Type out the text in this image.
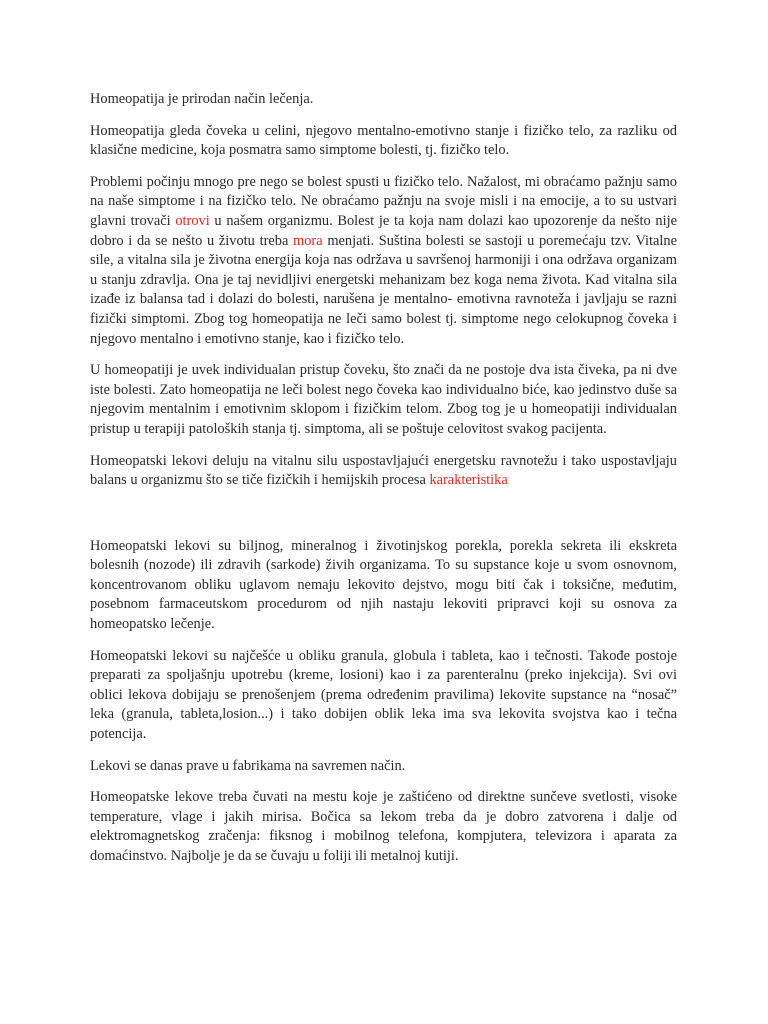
Homeopatija je prirodan način lečenja.

Homeopatija gleda čoveka u celini, njegovo mentalno-emotivno stanje i fizičko telo, za razliku od klasične medicine, koja posmatra samo simptome bolesti, tj. fizičko telo.

Problemi počinju mnogo pre nego se bolest spusti u fizičko telo. Nažalost, mi obraćamo pažnju samo na naše simptome i na fizičko telo. Ne obraćamo pažnju na svoje misli i na emocije, a to su ustvari glavni trovači otrovi u našem organizmu. Bolest je ta koja nam dolazi kao upozorenje da nešto nije dobro i da se nešto u životu treba mora menjati. Suština bolesti se sastoji u poremećaju tzv. Vitalne sile, a vitalna sila je životna energija koja nas održava u savršenoj harmoniji i ona održava organizam u stanju zdravlja. Ona je taj nevidljivi energetski mehanizam bez koga nema života. Kad vitalna sila izađe iz balansa tad i dolazi do bolesti, narušena je mentalno- emotivna ravnoteža i javljaju se razni fizički simptomi. Zbog tog homeopatija ne leči samo bolest tj. simptome nego celokupnog čoveka i njegovo mentalno i emotivno stanje, kao i fizičko telo.

U homeopatiji je uvek individualan pristup čoveku, što znači da ne postoje dva ista čiveka, pa ni dve iste bolesti. Zato homeopatija ne leči bolest nego čoveka kao individualno biće, kao jedinstvo duše sa njegovim mentalnim i emotivnim sklopom i fizičkim telom. Zbog tog je u homeopatiji individualan pristup u terapiji patoloških stanja tj. simptoma, ali se poštuje celovitost svakog pacijenta.

Homeopatski lekovi deluju na vitalnu silu uspostavljajući energetsku ravnotežu i tako uspostavljaju balans u organizmu što se tiče fizičkih i hemijskih procesa karakteristika

Homeopatski lekovi su biljnog, mineralnog i životinjskog porekla, porekla sekreta ili ekskreta bolesnih (nozode) ili zdravih (sarkode) živih organizama. To su supstance koje u svom osnovnom, koncentrovanom obliku uglavom nemaju lekovito dejstvo, mogu biti čak i toksične, međutim, posebnom farmaceutskom procedurom od njih nastaju lekoviti pripravci koji su osnova za homeopatsko lečenje.

Homeopatski lekovi su najčešće u obliku granula, globula i tableta, kao i tečnosti. Takođe postoje preparati za spoljašnju upotrebu (kreme, losioni) kao i za parenteralnu (preko injekcija). Svi ovi oblici lekova dobijaju se prenošenjem (prema određenim pravilima) lekovite supstance na “nosač” leka (granula, tableta,losion...) i tako dobijen oblik leka ima sva lekovita svojstva kao i tečna potencija.

Lekovi se danas prave u fabrikama na savremen način.

Homeopatske lekove treba čuvati na mestu koje je zaštićeno od direktne sunčeve svetlosti, visoke temperature, vlage i jakih mirisa. Bočica sa lekom treba da je dobro zatvorena i dalje od elektromagnetskog zračenja: fiksnog i mobilnog telefona, kompjutera, televizora i aparata za domaćinstvo. Najbolje je da se čuvaju u foliji ili metalnoj kutiji.
